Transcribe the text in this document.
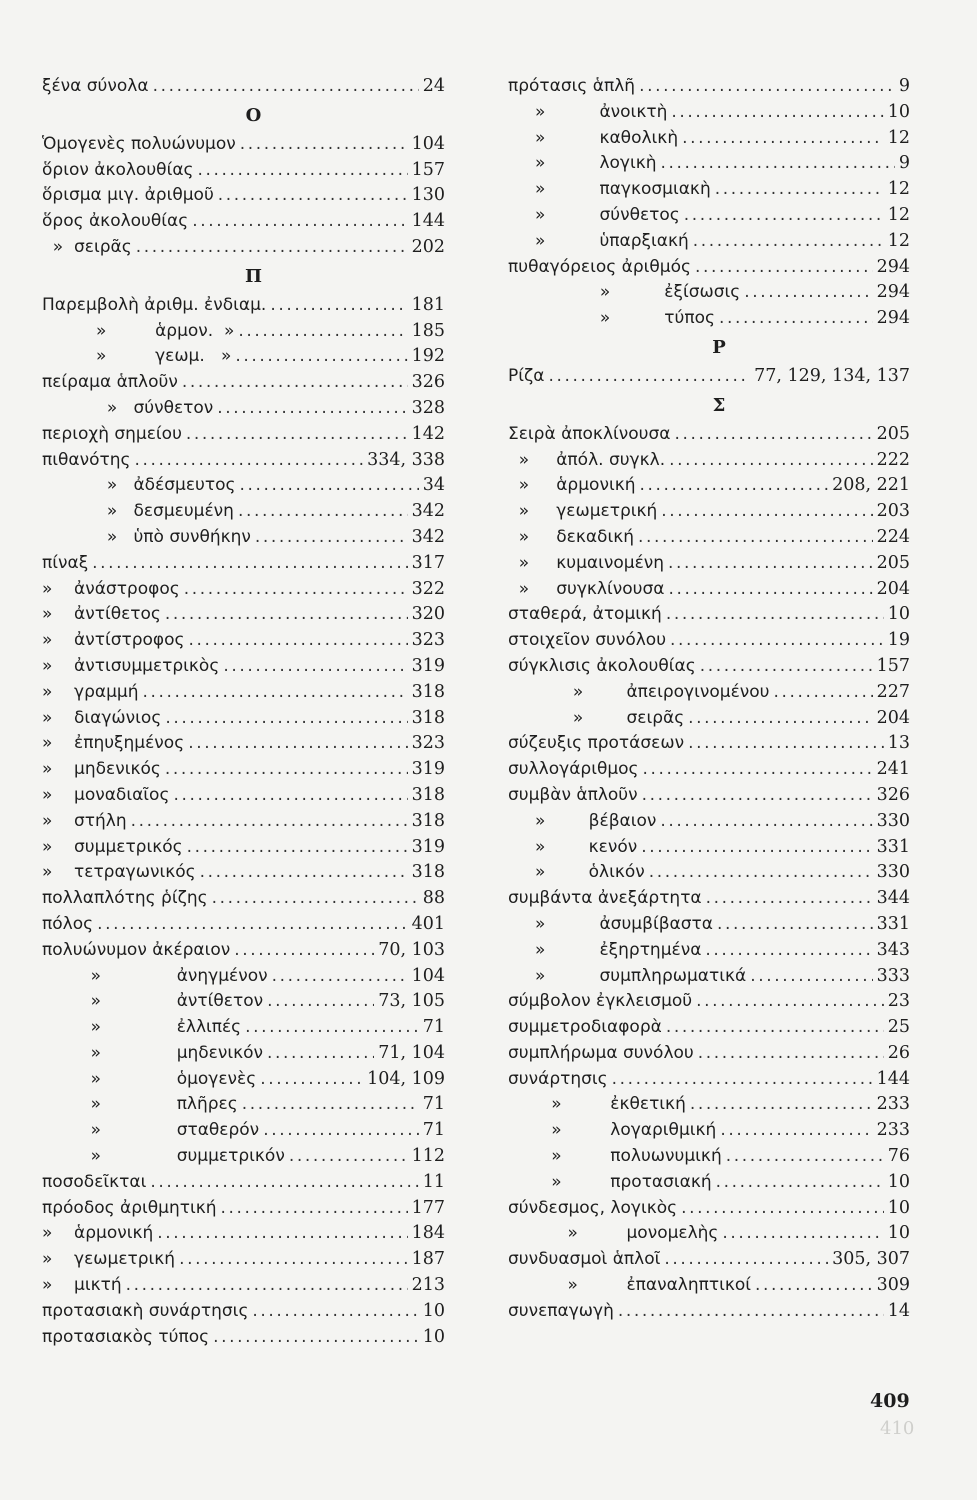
ξένα σύνολα .....	24
Ο
Ὁμογενὲς πολυώνυμον .....	104
ὅριον ἀκολουθίας .....	157
ὅρισμα μιγ. ἀριθμοῦ .....	130
ὅρος ἀκολουθίας .....	144
»  σειρᾶς .....	202
Π
Παρεμβολὴ ἀριθμ. ἐνδιαμ. .....	181
»         ἁρμον.  » .....	185
»         γεωμ.   » .....	192
πείραμα ἁπλοῦν .....	326
»   σύνθετον .....	328
περιοχὴ σημείου .....	142
πιθανότης .....	334, 338
»   ἀδέσμευτος .....	34
»   δεσμευμένη .....	342
»   ὑπὸ συνθήκην .....	342
πίναξ .....	317
»    ἀνάστροφος .....	322
»    ἀντίθετος .....	320
»    ἀντίστροφος .....	323
»    ἀντισυμμετρικὸς .....	319
»    γραμμή .....	318
»    διαγώνιος .....	318
»    ἐπηυξημένος .....	323
»    μηδενικός .....	319
»    μοναδιαῖος .....	318
»    στήλη .....	318
»    συμμετρικός .....	319
»    τετραγωνικός .....	318
πολλαπλότης ῥίζης .....	88
πόλος .....	401
πολυώνυμον ἀκέραιον .....	70, 103
»              ἀνηγμένον .....	104
»              ἀντίθετον .....	73, 105
»              ἐλλιπές .....	71
»              μηδενικόν .....	71, 104
»              ὁμογενὲς .....	104, 109
»              πλῆρες .....	71
»              σταθερόν .....	71
»              συμμετρικόν .....	112
ποσοδεῖκται .....	11
πρόοδος ἀριθμητική .....	177
»    ἁρμονική .....	184
»    γεωμετρική .....	187
»    μικτή .....	213
προτασιακὴ συνάρτησις .....	10
προτασιακὸς τύπος .....	10
πρότασις ἁπλῆ .....	9
»          ἀνοικτὴ .....	10
»          καθολικὴ .....	12
»          λογικὴ .....	9
»          παγκοσμιακὴ .....	12
»          σύνθετος .....	12
»          ὑπαρξιακή .....	12
πυθαγόρειος ἀριθμός .....	294
»          ἐξίσωσις .....	294
»          τύπος .....	294
Ρ
Ρίζα .....	77, 129, 134, 137
Σ
Σειρὰ ἀποκλίνουσα .....	205
»     ἀπόλ. συγκλ. .....	222
»     ἁρμονική .....	208, 221
»     γεωμετρική .....	203
»     δεκαδική .....	224
»     κυμαινομένη .....	205
»     συγκλίνουσα .....	204
σταθερά, ἀτομική .....	10
στοιχεῖον συνόλου .....	19
σύγκλισις ἀκολουθίας .....	157
»        ἀπειρογινομένου .....	227
»        σειρᾶς .....	204
σύζευξις προτάσεων .....	13
συλλογάριθμος .....	241
συμβὰν ἁπλοῦν .....	326
»        βέβαιον .....	330
»        κενόν .....	331
»        ὁλικόν .....	330
συμβάντα ἀνεξάρτητα .....	344
»          ἀσυμβίβαστα .....	331
»          ἐξηρτημένα .....	343
»          συμπληρωματικά .....	333
σύμβολον ἐγκλεισμοῦ .....	23
συμμετροδιαφορὰ .....	25
συμπλήρωμα συνόλου .....	26
συνάρτησις .....	144
»         ἐκθετική .....	233
»         λογαριθμική .....	233
»         πολυωνυμική .....	76
»         προτασιακή .....	10
σύνδεσμος, λογικὸς .....	10
»         μονομελὴς .....	10
συνδυασμοὶ ἁπλοῖ .....	305, 307
»         ἐπαναληπτικοί .....	309
συνεπαγωγὴ .....	14
409
410
